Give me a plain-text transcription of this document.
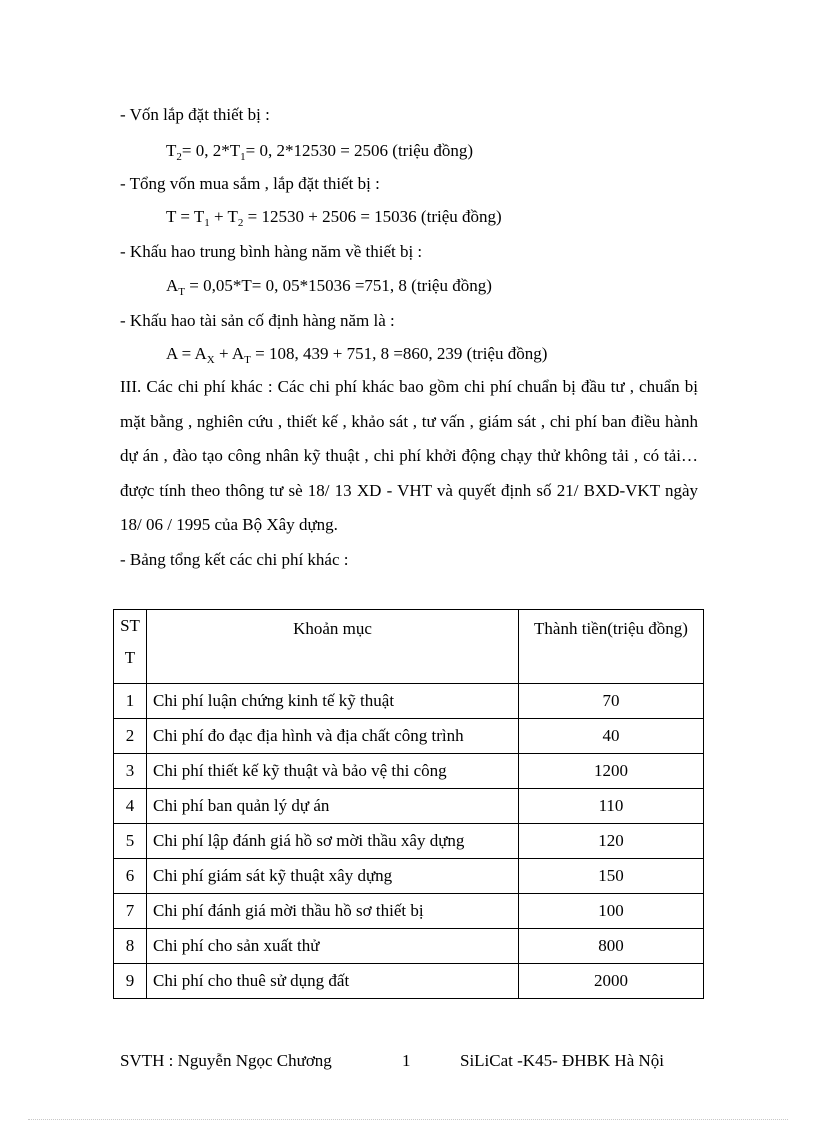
- Vốn lắp đặt thiết bị :
$T_2= 0$, $2*T_1= 0$, 2*12530 = 2506 (triệu đồng)
- Tổng vốn mua sắm , lắp đặt thiết bị :
$T = T_1 + T_2 = 12530 + 2506 = 15036$ (triệu đồng)
- Khấu hao trung bình hàng năm về thiết bị :
$A_T = 0,05*T= 0$, 05*15036 =751, 8 (triệu đồng)
- Khấu hao tài sản cố định hàng năm là :
$A = A_X + A_T = 108$, 439 + 751, 8 =860, 239 (triệu đồng)
III. Các chi phí khác : Các chi phí khác bao gồm chi phí chuẩn bị đầu tư , chuẩn bị mặt bằng , nghiên cứu , thiết kế , khảo sát , tư vấn , giám sát , chi phí ban điều hành dự án , đào tạo công nhân kỹ thuật , chi phí khởi động chạy thử không tải , có tải…được tính theo thông tư sè 18/ 13 XD - VHT và quyết định số 21/ BXD-VKT ngày 18/ 06 / 1995 của Bộ Xây dựng.
- Bảng tổng kết các chi phí khác :
ST
T	Khoản mục	Thành tiền(triệu đồng)
1	Chi phí luận chứng kinh tế kỹ thuật	70
2	Chi phí đo đạc địa hình và địa chất công trình	40
3	Chi phí thiết kế kỹ thuật và bảo vệ thi công	1200
4	Chi phí ban quản lý dự án	110
5	Chi phí lập đánh giá hồ sơ mời thầu xây dựng	120
6	Chi phí giám sát kỹ thuật xây dựng	150
7	Chi phí đánh giá mời thầu hồ sơ thiết bị	100
8	Chi phí cho sản xuất thử	800
9	Chi phí cho thuê sử dụng đất	2000
SVTH : Nguyễn Ngọc Chương	1	SiLiCat -K45- ĐHBK Hà Nội
